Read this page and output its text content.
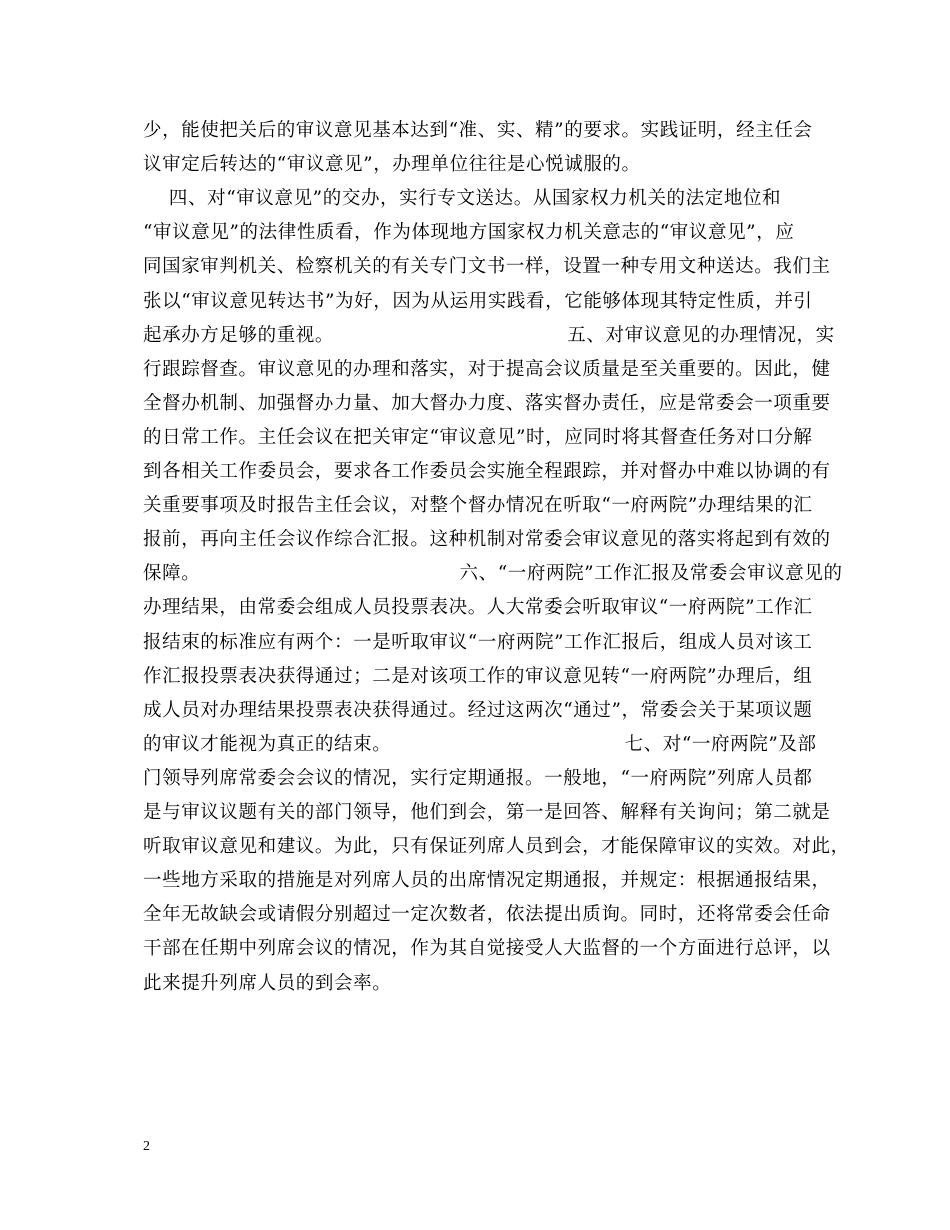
少，能使把关后的审议意见基本达到“准、实、精”的要求。实践证明，经主任会
议审定后转达的“审议意见”，办理单位往往是心悦诚服的。
四、对“审议意见”的交办，实行专文送达。从国家权力机关的法定地位和
“审议意见”的法律性质看，作为体现地方国家权力机关意志的“审议意见”，应
同国家审判机关、检察机关的有关专门文书一样，设置一种专用文种送达。我们主
张以“审议意见转达书”为好，因为从运用实践看，它能够体现其特定性质，并引
起承办方足够的重视。                                    五、对审议意见的办理情况，实
行跟踪督查。审议意见的办理和落实，对于提高会议质量是至关重要的。因此，健
全督办机制、加强督办力量、加大督办力度、落实督办责任，应是常委会一项重要
的日常工作。主任会议在把关审定“审议意见”时，应同时将其督查任务对口分解
到各相关工作委员会，要求各工作委员会实施全程跟踪，并对督办中难以协调的有
关重要事项及时报告主任会议，对整个督办情况在听取“一府两院”办理结果的汇
报前，再向主任会议作综合汇报。这种机制对常委会审议意见的落实将起到有效的
保障。                                        六、“一府两院”工作汇报及常委会审议意见的
办理结果，由常委会组成人员投票表决。人大常委会听取审议“一府两院”工作汇
报结束的标准应有两个：一是听取审议“一府两院”工作汇报后，组成人员对该工
作汇报投票表决获得通过；二是对该项工作的审议意见转“一府两院”办理后，组
成人员对办理结果投票表决获得通过。经过这两次“通过”，常委会关于某项议题
的审议才能视为真正的结束。                                    七、对“一府两院”及部
门领导列席常委会会议的情况，实行定期通报。一般地，“一府两院”列席人员都
是与审议议题有关的部门领导，他们到会，第一是回答、解释有关询问；第二就是
听取审议意见和建议。为此，只有保证列席人员到会，才能保障审议的实效。对此，
一些地方采取的措施是对列席人员的出席情况定期通报，并规定：根据通报结果，
全年无故缺会或请假分别超过一定次数者，依法提出质询。同时，还将常委会任命
干部在任期中列席会议的情况，作为其自觉接受人大监督的一个方面进行总评，以
此来提升列席人员的到会率。
2
